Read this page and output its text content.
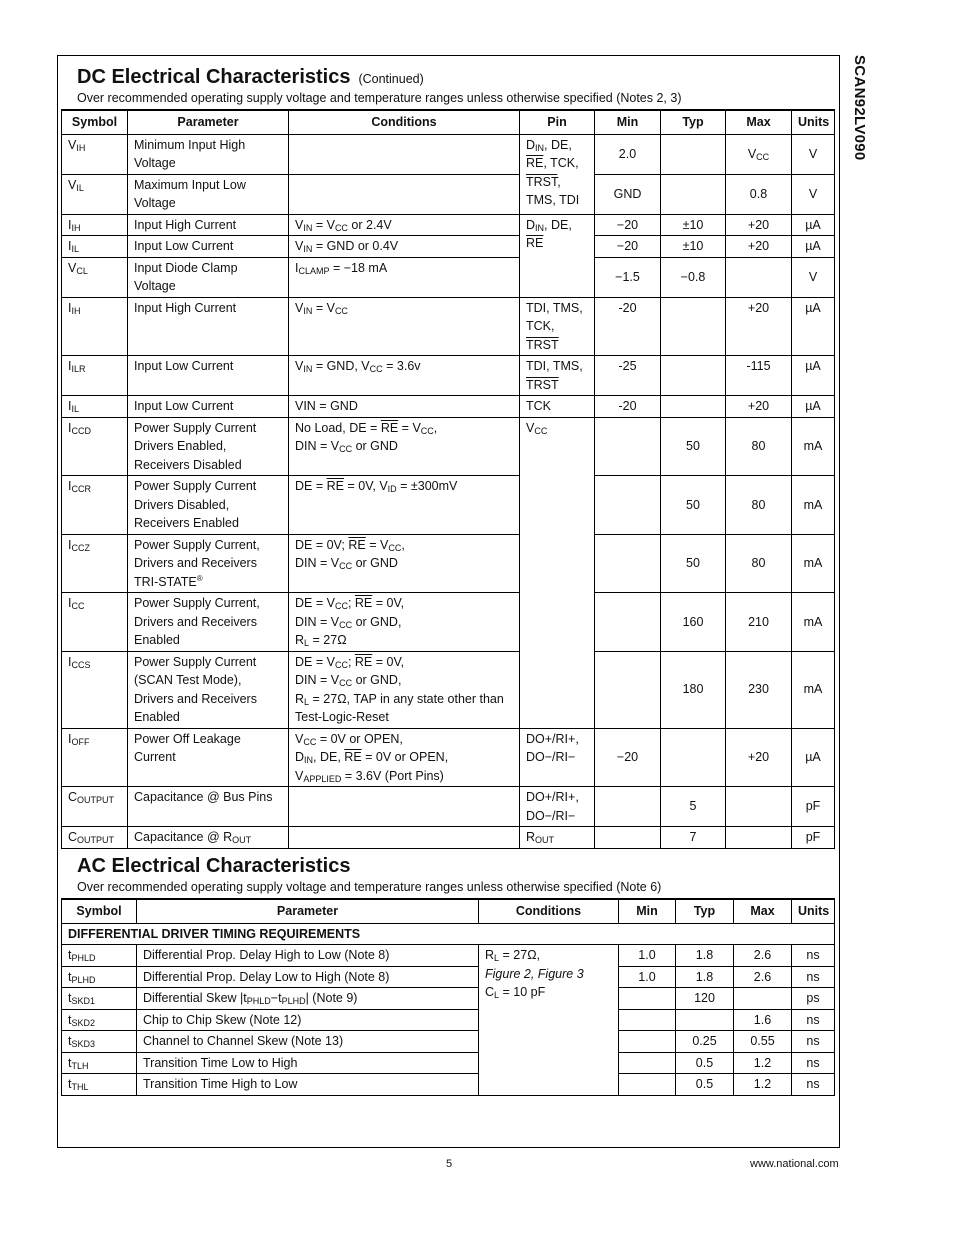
SCAN92LV090
DC Electrical Characteristics (Continued)
Over recommended operating supply voltage and temperature ranges unless otherwise specified (Notes 2, 3)
Symbol	Parameter	Conditions	Pin	Min	Typ	Max	Units
$V_{IH}$	Minimum Input High Voltage		$D_{IN}$, DE, $\overline{RE}$, TCK, TRST, TMS, TDI	2.0		$V_{CC}$	V
$V_{IL}$	Maximum Input Low Voltage			GND		0.8	V
$I_{IH}$	Input High Current	$V_{IN} = V_{CC}$ or 2.4V	$D_{IN}$, DE, $\overline{RE}$	−20	±10	+20	µA
$I_{IL}$	Input Low Current	$V_{IN}$ = GND or 0.4V		−20	±10	+20	µA
$V_{CL}$	Input Diode Clamp Voltage	$I_{CLAMP} = -18$ mA		−1.5	−0.8		V
$I_{IH}$	Input High Current	$V_{IN} = V_{CC}$	TDI, TMS, TCK, TRST	-20		+20	µA
$I_{ILR}$	Input Low Current	$V_{IN}$ = GND, $V_{CC} = 3.6v$	TDI, TMS, TRST	-25		-115	µA
$I_{IL}$	Input Low Current	VIN = GND	TCK	-20		+20	µA
$I_{CCD}$	Power Supply Current Drivers Enabled, Receivers Disabled	No Load, DE = $\overline{RE} = V_{CC}$,
DIN = $V_{CC}$ or GND	$V_{CC}$		50	80	mA
$I_{CCR}$	Power Supply Current Drivers Disabled, Receivers Enabled	DE = $\overline{RE} = 0V$, $V_{ID} = \pm 300mV$			50	80	mA
$I_{CCZ}$	Power Supply Current, Drivers and Receivers TRI-STATE®	DE = 0V; $\overline{RE} = V_{CC}$,
DIN = $V_{CC}$ or GND			50	80	mA
$I_{CC}$	Power Supply Current, Drivers and Receivers Enabled	DE = $V_{CC}$; $\overline{RE} = 0V$,
DIN = $V_{CC}$ or GND,
$R_L = 27\Omega$			160	210	mA
$I_{CCS}$	Power Supply Current (SCAN Test Mode), Drivers and Receivers Enabled	DE = $V_{CC}$; $\overline{RE} = 0V$,
DIN = $V_{CC}$ or GND,
$R_L = 27\Omega$, TAP in any state other than Test-Logic-Reset			180	230	mA
$I_{OFF}$	Power Off Leakage Current	$V_{CC} = 0V$ or OPEN,
$D_{IN}$, DE, $\overline{RE} = 0V$ or OPEN,
$V_{APPLIED} = 3.6V$ (Port Pins)	DO+/RI+,
DO−/RI−	−20		+20	µA
$C_{OUTPUT}$	Capacitance @ Bus Pins		DO+/RI+,
DO−/RI−		5		pF
$C_{OUTPUT}$	Capacitance @ $R_{OUT}$		$R_{OUT}$		7		pF
AC Electrical Characteristics
Over recommended operating supply voltage and temperature ranges unless otherwise specified (Note 6)
Symbol	Parameter	Conditions	Min	Typ	Max	Units
DIFFERENTIAL DRIVER TIMING REQUIREMENTS						
$t_{PHLD}$	Differential Prop. Delay High to Low (Note 8)	$R_L = 27\Omega$,
Figure 2, Figure 3
$C_L = 10$ pF	1.0	1.8	2.6	ns
$t_{PLHD}$	Differential Prop. Delay Low to High (Note 8)		1.0	1.8	2.6	ns
$t_{SKD1}$	Differential Skew $|t_{PHLD}-t_{PLHD}|$ (Note 9)			120		ps
$t_{SKD2}$	Chip to Chip Skew (Note 12)				1.6	ns
$t_{SKD3}$	Channel to Channel Skew (Note 13)			0.25	0.55	ns
$t_{TLH}$	Transition Time Low to High			0.5	1.2	ns
$t_{THL}$	Transition Time High to Low			0.5	1.2	ns
5	www.national.com
